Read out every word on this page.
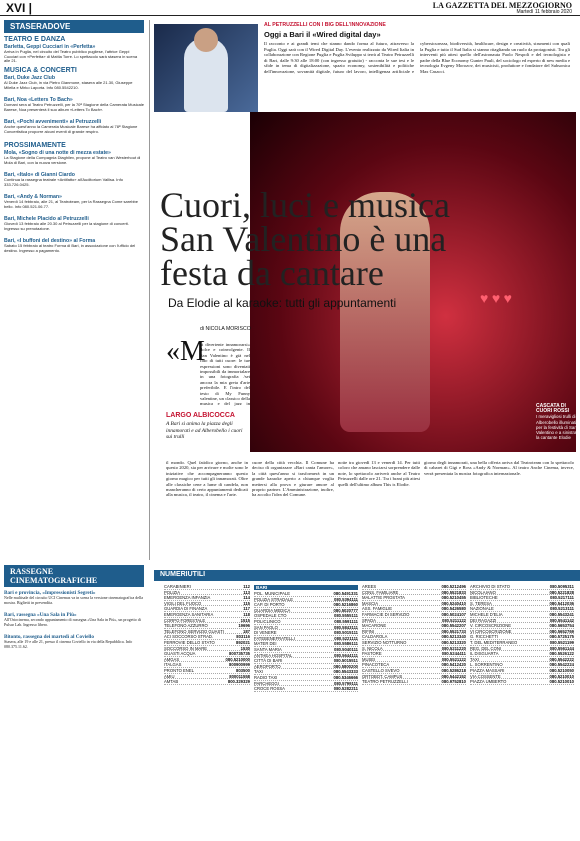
XVI |	LA GAZZETTA DEL MEZZOGIORNO
Martedì 11 febbraio 2020
STASERADOVE
TEATRO E DANZA
Barletta, Geppi Cucciari in «Perfetta»
Arriva in Puglia, nel circuito del Teatro pubblico pugliese, l'attrice Geppi Cucciari con «Perfetta» di Mattia Torre. Lo spettacolo sarà stasera in scena alle 21.
MUSICA & CONCERTI
Bari, Duke Jazz Club
Al Duke Jazz Club, in via Pietro Gianmone, stasera alle 21.30, Giuseppe Milella e Mirko Laporta. Info 080.5542210.
Bari, Noa «Letters To Bach»
Domani sera al Teatro Petruzzelli, per la 70ª Stagione della Camerata Musicale Barese, Noa presenterà il suo album «Letters To Bach».
Bari, «Pochi avvenimenti» al Petruzzelli
Anche quest'anno la Camerata Musicale Barese ha affidato al 78ª Stagione Concertistica proporre alcuni eventi di grande respiro.
PROSSIMAMENTE
Mola, «Sogno di una notte di mezza estate»
La Stagione della Compagnia Diaghilev, propone al Teatro van Westerhout di Mola di Bari, con la nuova versione.
Bari, «Italo» di Gianni Ciardo
Continua la rassegna teatrale «Antifatto» all'Auditorium Vallisa. Info 333.726.0425.
Bari, «Andy & Norman»
Venerdì 14 febbraio, alle 21, al Teatroteam, per la Rassegna Come sarebbe bello. Info 080.521.06.77.
Bari, Michele Placido al Petruzzelli
Giovedì 13 febbraio alle 20.30 al Petruzzelli per la stagione di concerti. Ingresso su prenotazione.
Bari, «I buffoni del destino» al Forma
Sabato 15 febbraio al teatro Forma di Bari, in associazione con l'ufficio del destino. Ingresso a pagamento.
RASSEGNE CINEMATOGRAFICHE
Bari e provincia, «Impressionisti Segreti»
Nelle multisale del circuito UCI Cinemas va in scena la versione cinematografica della mostra. Biglietti in prevendita.
Bari, rassegna «Una Sala in Più»
All'Oriocinema, secondo appuntamento di rassegna «Una Sala in Più», un progetto di Pulsar Lab. Ingresso libero.
Bitonto, rassegna dei martedì al Coviello
Stasera, alle 19 e alle 21, presso il cinema Coviello in via della Repubblica. Info 080.375.11.62.
AL PETRUZZELLI CON I BIG DELL'INNOVAZIONE
Oggi a Bari il «Wired digital day»
Il racconto e ai grandi temi che stanno dando forma al futuro, attraverso la Puglia. Oggi sarà con il Wired Digital Day. L'evento realizzato da Wired Italia in collaborazione con Regione Puglia e Puglia Sviluppo si terrà al Teatro Petruzzelli di Bari, dalle 9:30 alle 18:00 (con ingresso gratuito) - racconta le sue tesi e le sfide in tema di digitalizzazione, spazio economy, sostenibilità e politiche dell'innovazione, sovranità digitale, futuro del lavoro, intelligenza artificiale e cybersicurezza, biodiversità, healthcare, design e creatività, strumenti con quali la Puglia e tutto il Sud Italia si stanno ritagliando un ruolo da protagonisti. Tra gli interventi più attesi quello dell'astronauta Paolo Nespoli e del tecnologista e padre della Blue Economy Gunter Pauli, del sociologo ed esperto di new media e tecnologia Evgeny Morozov, dei musicisti, produttore e fondatore del Subsonica Max Casacci.
♥ ♥ ♥
CASCATA DI CUORI ROSSI
I meravigliosi trulli di Alberobello illuminati per la festività di San Valentino e a sinistra la cantante Elodie
Cuori, luci e musica San Valentino è una festa da cantare
Da Elodie al karaoke: tutti gli appuntamenti
di NICOLA MORISCO
«M
ai divertente innamorarsi» dolce e coinvolgente. Il San Valentino è già nel fido di tutti cuore: le tue espressioni sono diventati impossibili da immortalare in una fotografia /set ancora la mia greta d'arte preferibile. E l'intro del testo di My Funny valentine, un classico della musica e del jazz in
LARGO ALBICOCCA
A Bari si anima la piazza degli innamorati e ad Alberobello i cuori sui trulli
il mondo. Quel fatidico giorno, anche in questo 2020, sia per arrivare e molte sono le iniziative che accompagneranno questo giorno magico per tutti gli innamorati. Oltre alle classiche cene a lume di candela, non mancheranno di certo appuntamenti dedicati alla musica, il teatro, il cinema e l'arte.
cuore della città vecchia. Il Comune ha deciso di organizzare «Bari canta l'amore», la città quest'anno si trasformerà in un grande karaoke aperto a chiunque voglia mettersi alla prova e giurare amore al proprio partner. L'Amministrazione, inoltre, ha accolto l'idea del Comune.
notte tra giovedì 13 e venerdì 14. Per tutti coloro che amano lasciarsi sorprendere dalle note, lo spettacolo arriverà anche al Teatro Petruzzelli dalle ore 21. Tra i brani più attesi quelli dell'ultimo album This is Elodie.
giorno degli innamorati, una bella offerta arriva dal Teatroteam con lo spettacolo di cabaret di Gigi e Ross «Andy & Norman». Al teatro Anche Cinema, invece, verrà presentata la mostra fotografica internazionale.
NUMERIUTILI
CARABINIERI	112
POLIZIA	113
EMERGENZA INFANZIA	114
VIGILI DEL FUOCO	115
GUARDIA DI FINANZA	117
EMERGENZA SANITARIA	118
CORPO FORESTALE	1515
TELEFONO AZZURRO	19696
TELEFONO SERVIZIO GUASTI	187
ACI SOCCORSO STRAD.	803116
FERROVIE DELLO STATO	892021
SOCCORSO IN MARE	1530
GUASTI ACQUA	800735735
AMGAS	080.5210000
ITALGAS	800900999
PRONTO ENEL	803500
AMIU	800011558
AMTAB	800.329329
BARI
POL. MUNICIPALE	080.5491331
POLIZIA STRADALE	080.5394111
CAP. DI PORTO	080.5216860
GUARDIA MEDICA	080.5020777
OSPEDALE CTO	080.5555111
POLICLINICO	080.5591111
SAN PAOLO	080.5843111
DI VENERE	080.5015111
FATEBENEFRATELLI	080.5221111
MATER DEI	080.5586111
SANTA MARIA	080.5040111
ANTHEA HOSPITAL	080.5644111
CITTÀ DI BARI	080.5015511
AEROPORTO	080.5800200
TAXI	080.5543333
RADIO TAXI	080.5346666
PARCHEGGI	080.5799111
CROCE ROSSA	080.5282211
AREES	080.5212496
CONS. FAMILIARE	080.5521833
MALATTIE PROSTATA	080.5210455
MASCIA	080.5240410
ASS. FAMIGLIE	080.5426580
FARMACIE DI SERVIZIO	080.5024107
SPADA	080.5211122
MACARONE	080.5542207
RIFINI	080.5521733
CALDAROLA	080.5213340
SERVIZIO NOTTURNO	080.5213320
S. NICOLA	080.5211220
PASTORE	080.5244411
MUSEI	080.5521122
PINACOTECA	080.5412420
CASTELLO SVEVO	080.5286218
ORTOBOT. CAMPUS	080.5442152
TEATRO PETRUZZELLI	080.9752810
ARCHIVIO DI STATO	080.5095311
NICOLAIANO	080.5221828
BIBLIOTECHE	080.5217111
S. TERESA	080.5412036
NAZIONALE	080.5213111
MICHELE D'ELIA	080.5543241
DEI RAGAZZI	080.5541142
V. CIRCOSCRIZIONE	080.5653754
VI CIRCOSCRIZIONE	080.5652769
G. RICCHETTI	080.5725175
T. DEL MEDITERRANEO	080.5521199
REG. DEL CONI	080.5561144
IL DISGUARTA	080.5526122
TAXI	080.5542222
L. SORRENTINO	080.5542224
PIAZZA MASSARI	080.5210050
VIA COSSENTE	080.5210010
PIAZZA UMBERTO	080.5210010
